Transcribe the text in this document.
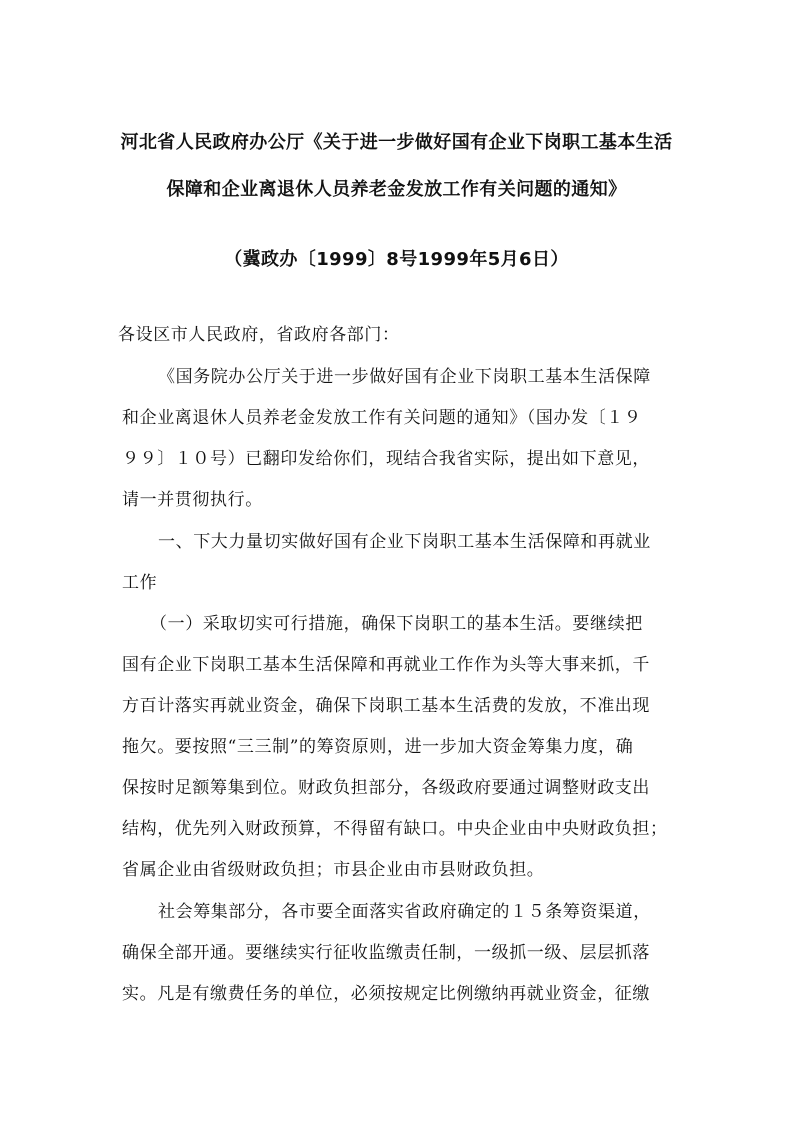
河北省人民政府办公厅《关于进一步做好国有企业下岗职工基本生活
保障和企业离退休人员养老金发放工作有关问题的通知》
（冀政办〔1999〕8号1999年5月6日）
各设区市人民政府，省政府各部门：
《国务院办公厅关于进一步做好国有企业下岗职工基本生活保障
和企业离退休人员养老金发放工作有关问题的通知》（国办发〔１９
９９〕１０号）已翻印发给你们，现结合我省实际，提出如下意见，
请一并贯彻执行。
一、下大力量切实做好国有企业下岗职工基本生活保障和再就业
工作
（一）采取切实可行措施，确保下岗职工的基本生活。要继续把
国有企业下岗职工基本生活保障和再就业工作作为头等大事来抓，千
方百计落实再就业资金，确保下岗职工基本生活费的发放，不准出现
拖欠。要按照“三三制”的筹资原则，进一步加大资金筹集力度，确
保按时足额筹集到位。财政负担部分，各级政府要通过调整财政支出
结构，优先列入财政预算，不得留有缺口。中央企业由中央财政负担；
省属企业由省级财政负担；市县企业由市县财政负担。
社会筹集部分，各市要全面落实省政府确定的１５条筹资渠道，
确保全部开通。要继续实行征收监缴责任制，一级抓一级、层层抓落
实。凡是有缴费任务的单位，必须按规定比例缴纳再就业资金，征缴
